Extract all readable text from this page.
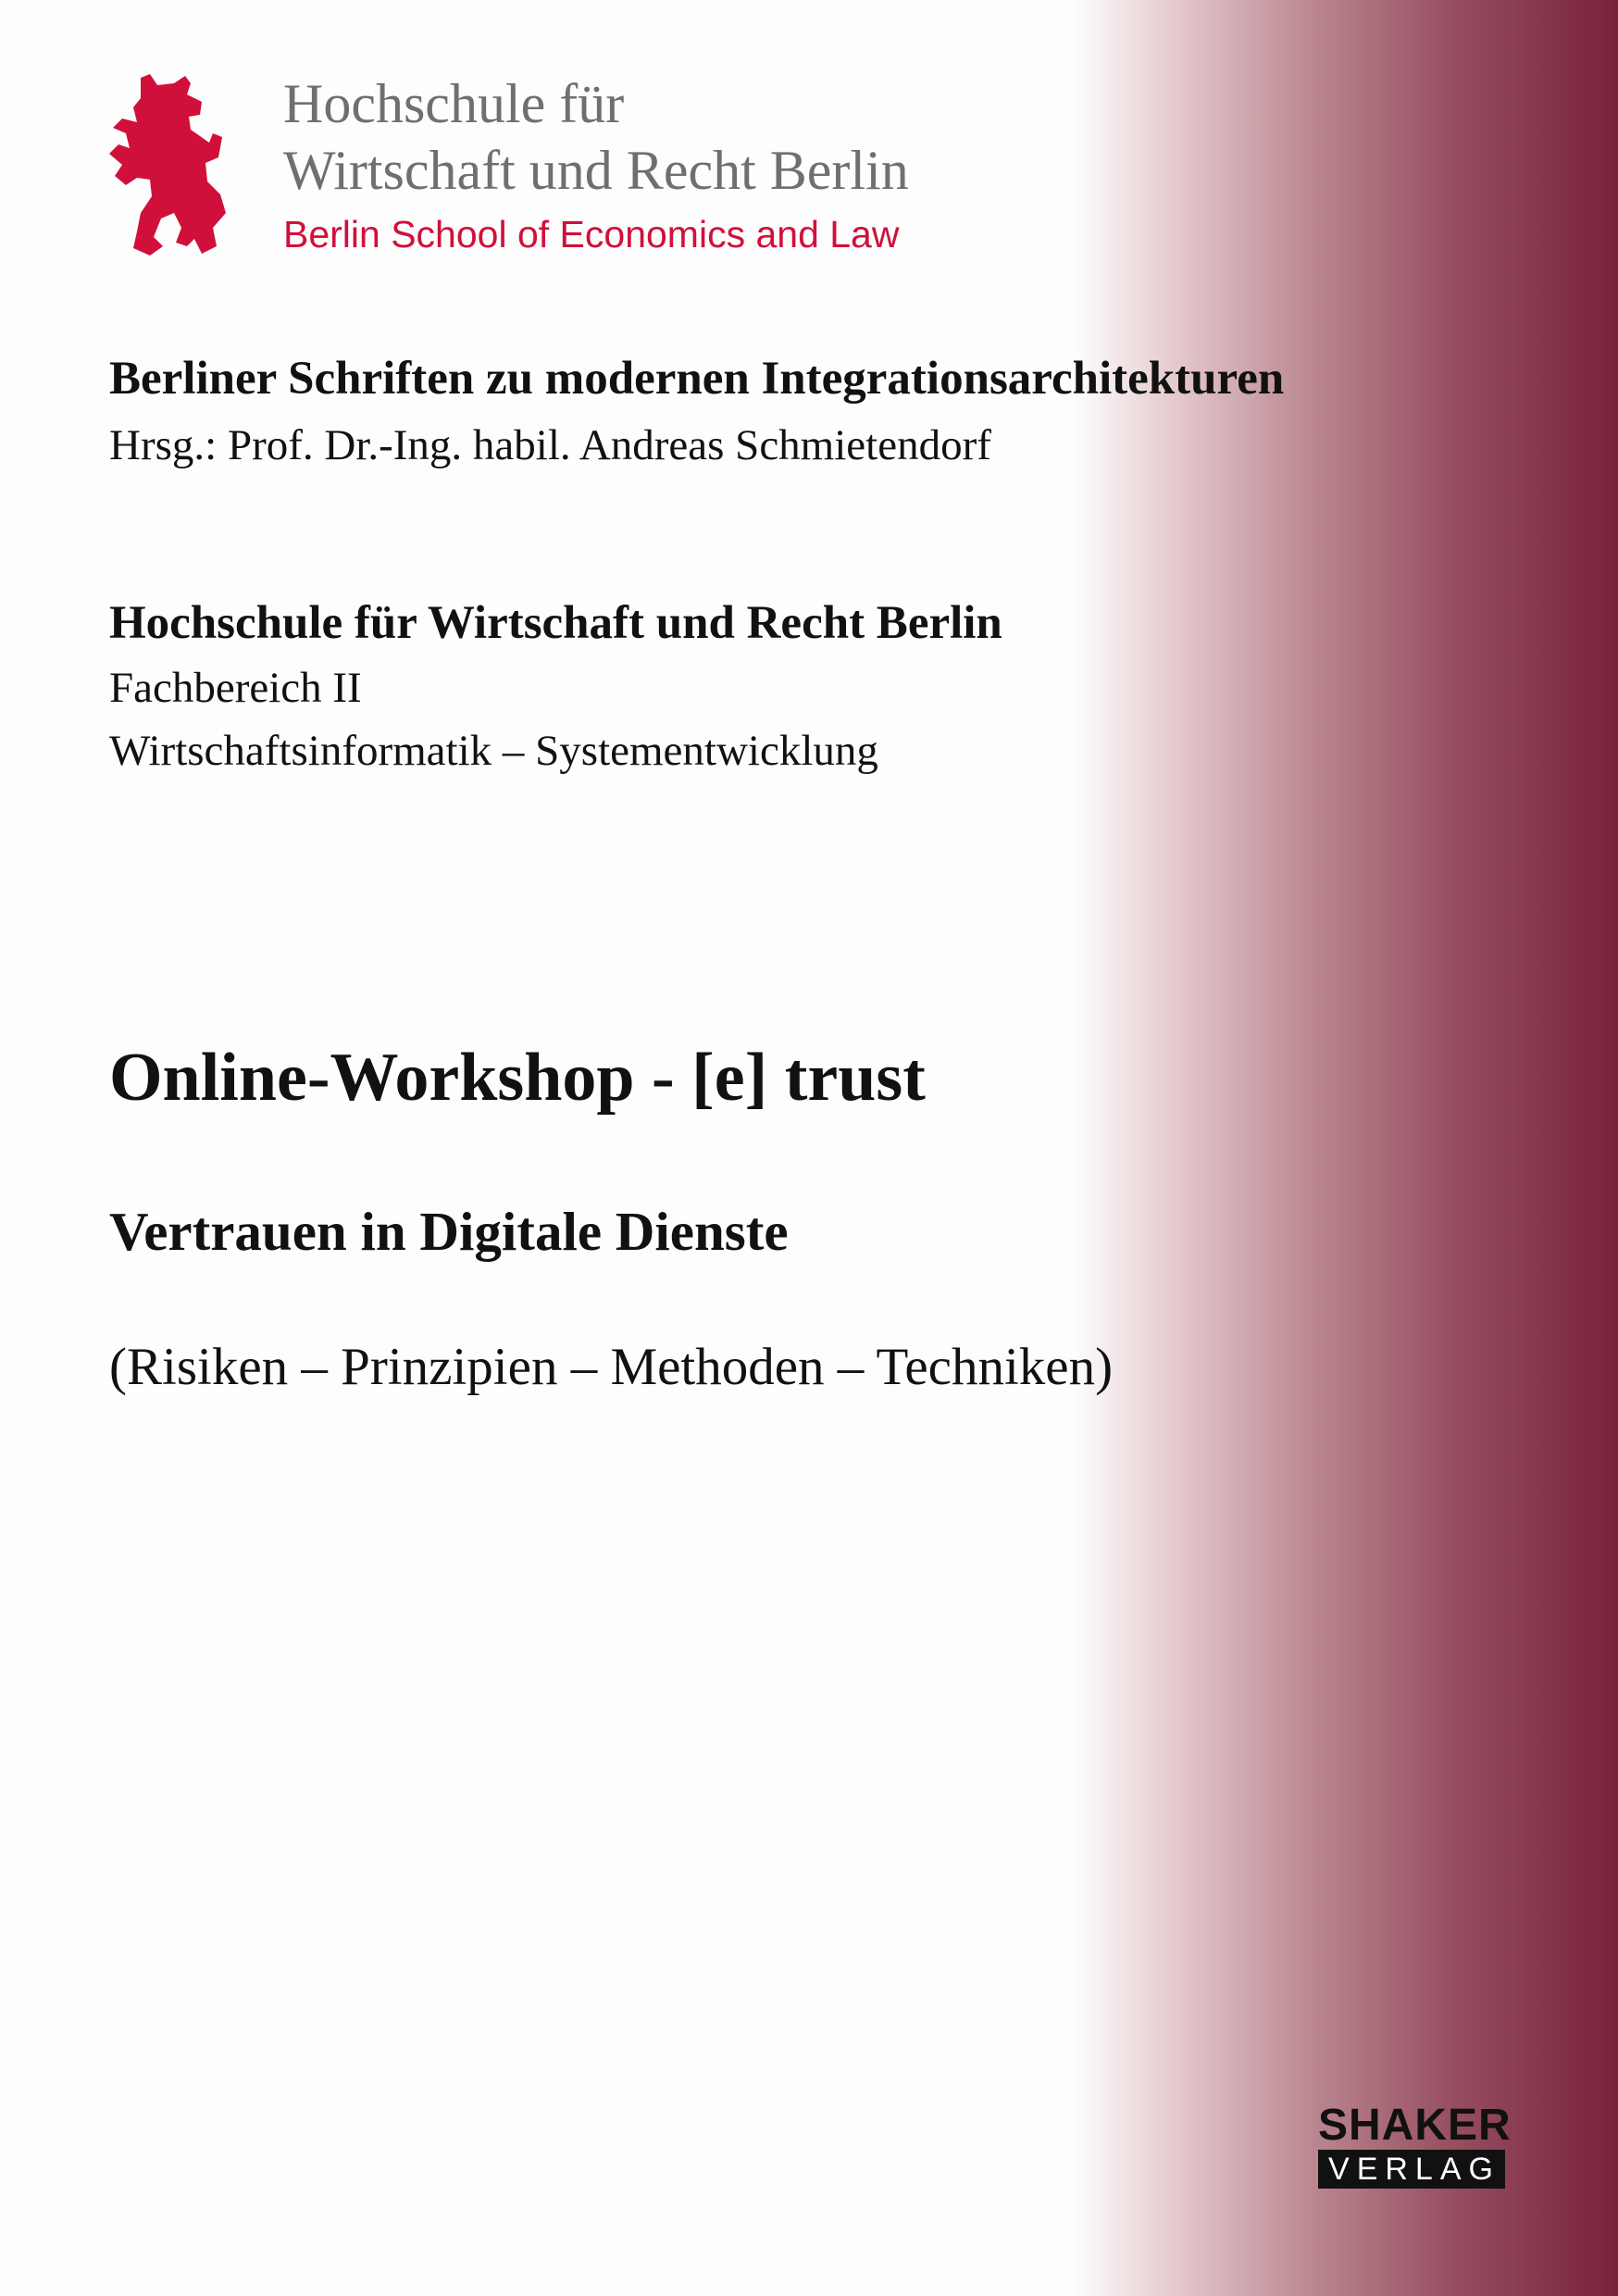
Hochschule für
Wirtschaft und Recht Berlin
Berlin School of Economics and Law
Berliner Schriften zu modernen Integrationsarchitekturen
Hrsg.: Prof. Dr.-Ing. habil. Andreas Schmietendorf
Hochschule für Wirtschaft und Recht Berlin
Fachbereich II
Wirtschaftsinformatik – Systementwicklung
Online-Workshop - [e] trust
Vertrauen in Digitale Dienste
(Risiken – Prinzipien – Methoden – Techniken)
SHAKER
VERLAG
